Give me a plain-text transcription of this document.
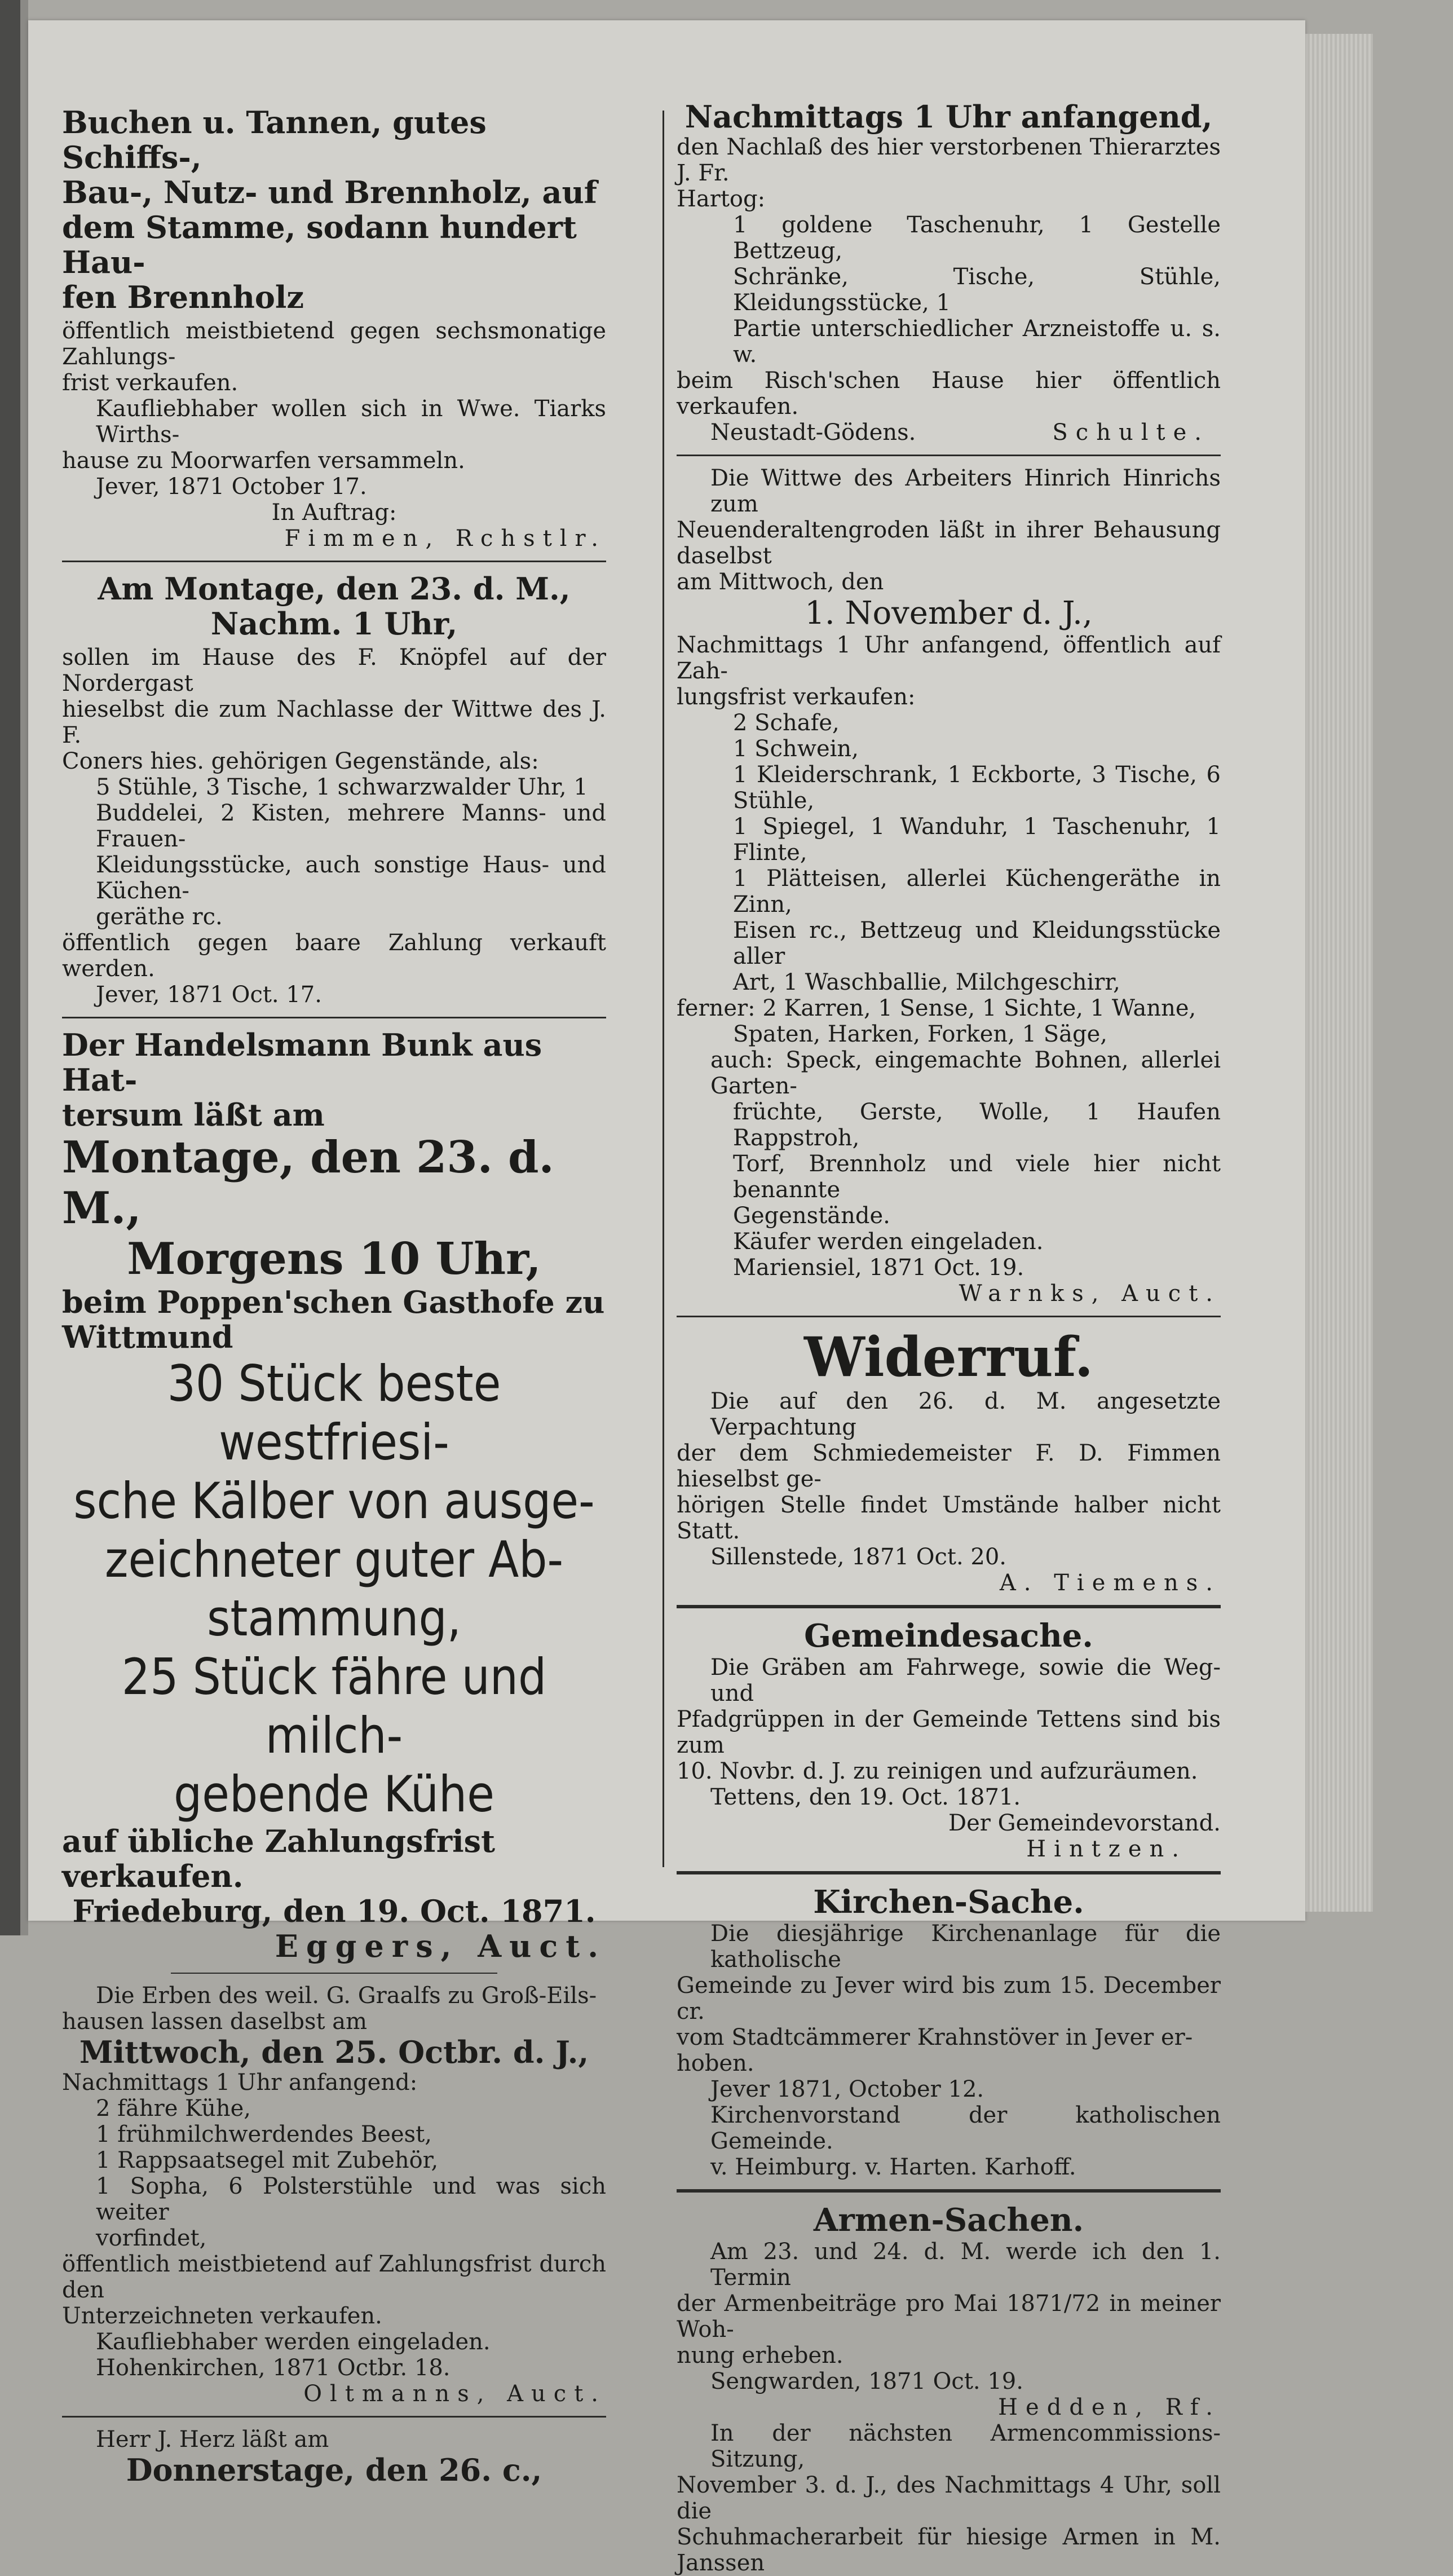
Buchen u. Tannen, gutes Schiffs-,

Bau-, Nutz- und Brennholz, auf

dem Stamme, sodann hundert Hau-

fen Brennholz

öffentlich meistbietend gegen sechsmonatige Zahlungs-

frist verkaufen.

Kaufliebhaber wollen sich in Wwe. Tiarks Wirths-

hause zu Moorwarfen versammeln.

Jever, 1871 October 17.

In Auftrag:

Fimmen, Rchstlr.

Am Montage, den 23. d. M.,

Nachm. 1 Uhr,

sollen im Hause des F. Knöpfel auf der Nordergast

hieselbst die zum Nachlasse der Wittwe des J. F.

Coners hies. gehörigen Gegenstände, als:

5 Stühle, 3 Tische, 1 schwarzwalder Uhr, 1

Buddelei, 2 Kisten, mehrere Manns- und Frauen-

Kleidungsstücke, auch sonstige Haus- und Küchen-

geräthe rc.

öffentlich gegen baare Zahlung verkauft werden.

Jever, 1871 Oct. 17.

Der Handelsmann Bunk aus Hat-

tersum läßt am

Montage, den 23. d. M.,

Morgens 10 Uhr,

beim Poppen'schen Gasthofe zu

Wittmund

30 Stück beste westfriesi-

sche Kälber von ausge-

zeichneter guter Ab-

stammung,

25 Stück fähre und milch-

gebende Kühe

auf übliche Zahlungsfrist verkaufen.

Friedeburg, den 19. Oct. 1871.

Eggers, Auct.

Die Erben des weil. G. Graalfs zu Groß-Eils-

hausen lassen daselbst am

Mittwoch, den 25. Octbr. d. J.,

Nachmittags 1 Uhr anfangend:

2 fähre Kühe,

1 frühmilchwerdendes Beest,

1 Rappsaatsegel mit Zubehör,

1 Sopha, 6 Polsterstühle und was sich weiter

vorfindet,

öffentlich meistbietend auf Zahlungsfrist durch den

Unterzeichneten verkaufen.

Kaufliebhaber werden eingeladen.

Hohenkirchen, 1871 Octbr. 18.

Oltmanns, Auct.

Herr J. Herz läßt am

Donnerstage, den 26. c.,

Nachmittags 1 Uhr anfangend,

den Nachlaß des hier verstorbenen Thierarztes J. Fr.

Hartog:

1 goldene Taschenuhr, 1 Gestelle Bettzeug,

Schränke, Tische, Stühle, Kleidungsstücke, 1

Partie unterschiedlicher Arzneistoffe u. s. w.

beim Risch'schen Hause hier öffentlich verkaufen.

Neustadt-Gödens.	Schulte.

Die Wittwe des Arbeiters Hinrich Hinrichs zum

Neuenderaltengroden läßt in ihrer Behausung daselbst

am Mittwoch, den

1. November d. J.,

Nachmittags 1 Uhr anfangend, öffentlich auf Zah-

lungsfrist verkaufen:

2 Schafe,

1 Schwein,

1 Kleiderschrank, 1 Eckborte, 3 Tische, 6 Stühle,

1 Spiegel, 1 Wanduhr, 1 Taschenuhr, 1 Flinte,

1 Plätteisen, allerlei Küchengeräthe in Zinn,

Eisen rc., Bettzeug und Kleidungsstücke aller

Art, 1 Waschballie, Milchgeschirr,

ferner: 2 Karren, 1 Sense, 1 Sichte, 1 Wanne,

Spaten, Harken, Forken, 1 Säge,

auch: Speck, eingemachte Bohnen, allerlei Garten-

früchte, Gerste, Wolle, 1 Haufen Rappstroh,

Torf, Brennholz und viele hier nicht benannte

Gegenstände.

Käufer werden eingeladen.

Mariensiel, 1871 Oct. 19.

Warnks, Auct.

Widerruf.

Die auf den 26. d. M. angesetzte Verpachtung

der dem Schmiedemeister F. D. Fimmen hieselbst ge-

hörigen Stelle findet Umstände halber nicht Statt.

Sillenstede, 1871 Oct. 20.

A. Tiemens.

Gemeindesache.

Die Gräben am Fahrwege, sowie die Weg- und

Pfadgrüppen in der Gemeinde Tettens sind bis zum

10. Novbr. d. J. zu reinigen und aufzuräumen.

Tettens, den 19. Oct. 1871.

Der Gemeindevorstand.

Hintzen.

Kirchen-Sache.

Die diesjährige Kirchenanlage für die katholische

Gemeinde zu Jever wird bis zum 15. December cr.

vom Stadtcämmerer Krahnstöver in Jever er-

hoben.

Jever 1871, October 12.

Kirchenvorstand der katholischen Gemeinde.

v. Heimburg. v. Harten. Karhoff.

Armen-Sachen.

Am 23. und 24. d. M. werde ich den 1. Termin

der Armenbeiträge pro Mai 1871/72 in meiner Woh-

nung erheben.

Sengwarden, 1871 Oct. 19.

Hedden, Rf.

In der nächsten Armencommissions-Sitzung,

November 3. d. J., des Nachmittags 4 Uhr, soll die

Schuhmacherarbeit für hiesige Armen in M. Janssen
